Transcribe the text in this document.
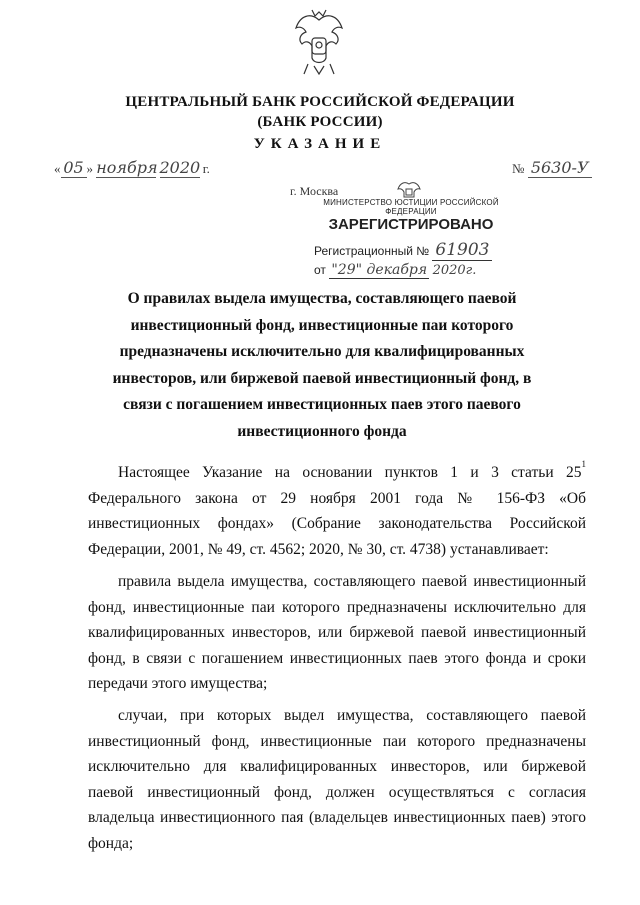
ЦЕНТРАЛЬНЫЙ БАНК РОССИЙСКОЙ ФЕДЕРАЦИИ
(БАНК РОССИИ)
УКАЗАНИЕ
« 05 » ноября 2020 г.	№ 5630-У
г. Москва
МИНИСТЕРСТВО ЮСТИЦИИ РОССИЙСКОЙ ФЕДЕРАЦИИ
ЗАРЕГИСТРИРОВАНО
Регистрационный № 61903
от "29" декабря 2020г.
О правилах выдела имущества, составляющего паевой инвестиционный фонд, инвестиционные паи которого предназначены исключительно для квалифицированных инвесторов, или биржевой паевой инвестиционный фонд, в связи с погашением инвестиционных паев этого паевого инвестиционного фонда
Настоящее Указание на основании пунктов 1 и 3 статьи $25^1$ Федерального закона от 29 ноября 2001 года № 156-ФЗ «Об инвестиционных фондах» (Собрание законодательства Российской Федерации, 2001, № 49, ст. 4562; 2020, № 30, ст. 4738) устанавливает:
правила выдела имущества, составляющего паевой инвестиционный фонд, инвестиционные паи которого предназначены исключительно для квалифицированных инвесторов, или биржевой паевой инвестиционный фонд, в связи с погашением инвестиционных паев этого фонда и сроки передачи этого имущества;
случаи, при которых выдел имущества, составляющего паевой инвестиционный фонд, инвестиционные паи которого предназначены исключительно для квалифицированных инвесторов, или биржевой паевой инвестиционный фонд, должен осуществляться с согласия владельца инвестиционного пая (владельцев инвестиционных паев) этого фонда;
